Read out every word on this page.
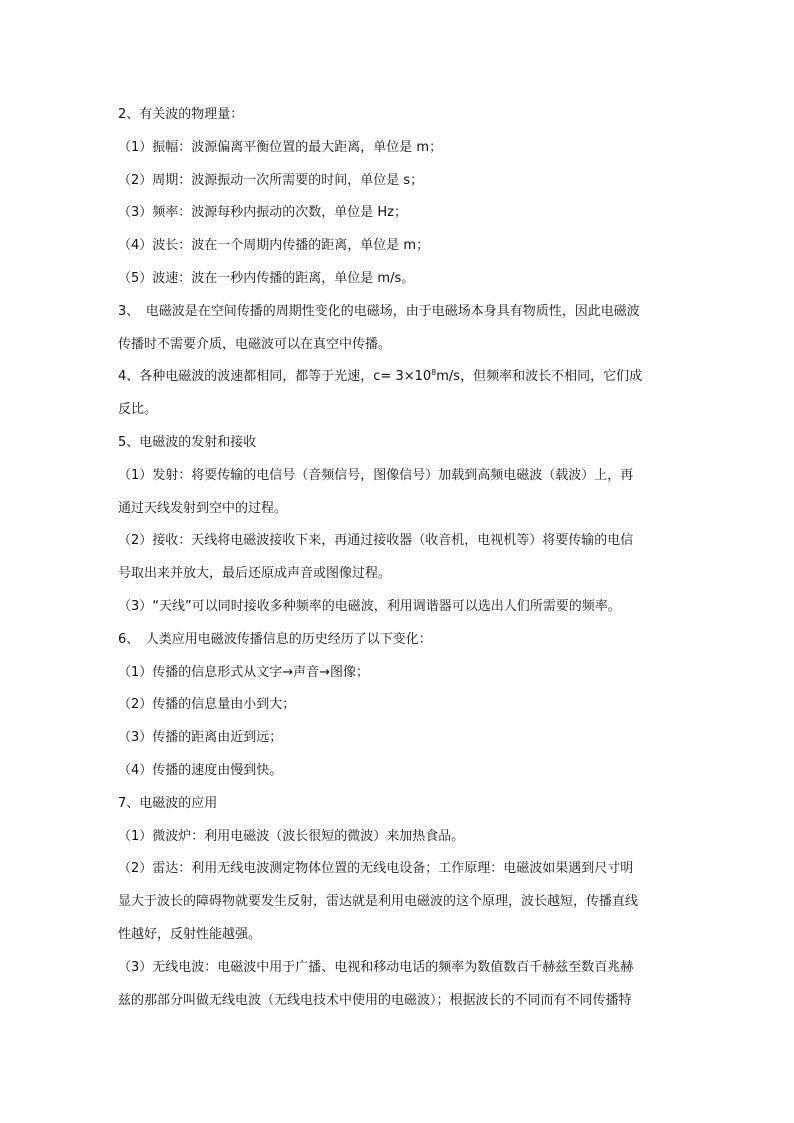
2、有关波的物理量：
（1）振幅：波源偏离平衡位置的最大距离，单位是 m；
（2）周期：波源振动一次所需要的时间，单位是 s；
（3）频率：波源每秒内振动的次数，单位是 Hz；
（4）波长：波在一个周期内传播的距离，单位是 m；
（5）波速：波在一秒内传播的距离，单位是 m/s。
3、　电磁波是在空间传播的周期性变化的电磁场，由于电磁场本身具有物质性，因此电磁波
传播时不需要介质，电磁波可以在真空中传播。
4、各种电磁波的波速都相同，都等于光速，$c= 3\times 10^8m/s$，但频率和波长不相同，它们成
反比。
5、电磁波的发射和接收
（1）发射：将要传输的电信号（音频信号，图像信号）加载到高频电磁波（载波）上，再
通过天线发射到空中的过程。
（2）接收：天线将电磁波接收下来，再通过接收器（收音机，电视机等）将要传输的电信
号取出来并放大，最后还原成声音或图像过程。
（3）“天线”可以同时接收多种频率的电磁波，利用调谐器可以选出人们所需要的频率。
6、　人类应用电磁波传播信息的历史经历了以下变化：
（1）传播的信息形式从文字→声音→图像；
（2）传播的信息量由小到大；
（3）传播的距离由近到远；
（4）传播的速度由慢到快。
7、电磁波的应用
（1）微波炉：利用电磁波（波长很短的微波）来加热食品。
（2）雷达：利用无线电波测定物体位置的无线电设备；工作原理：电磁波如果遇到尺寸明
显大于波长的障碍物就要发生反射，雷达就是利用电磁波的这个原理，波长越短，传播直线
性越好，反射性能越强。
（3）无线电波：电磁波中用于广播、电视和移动电话的频率为数值数百千赫兹至数百兆赫
兹的那部分叫做无线电波（无线电技术中使用的电磁波）；根据波长的不同而有不同传播特
